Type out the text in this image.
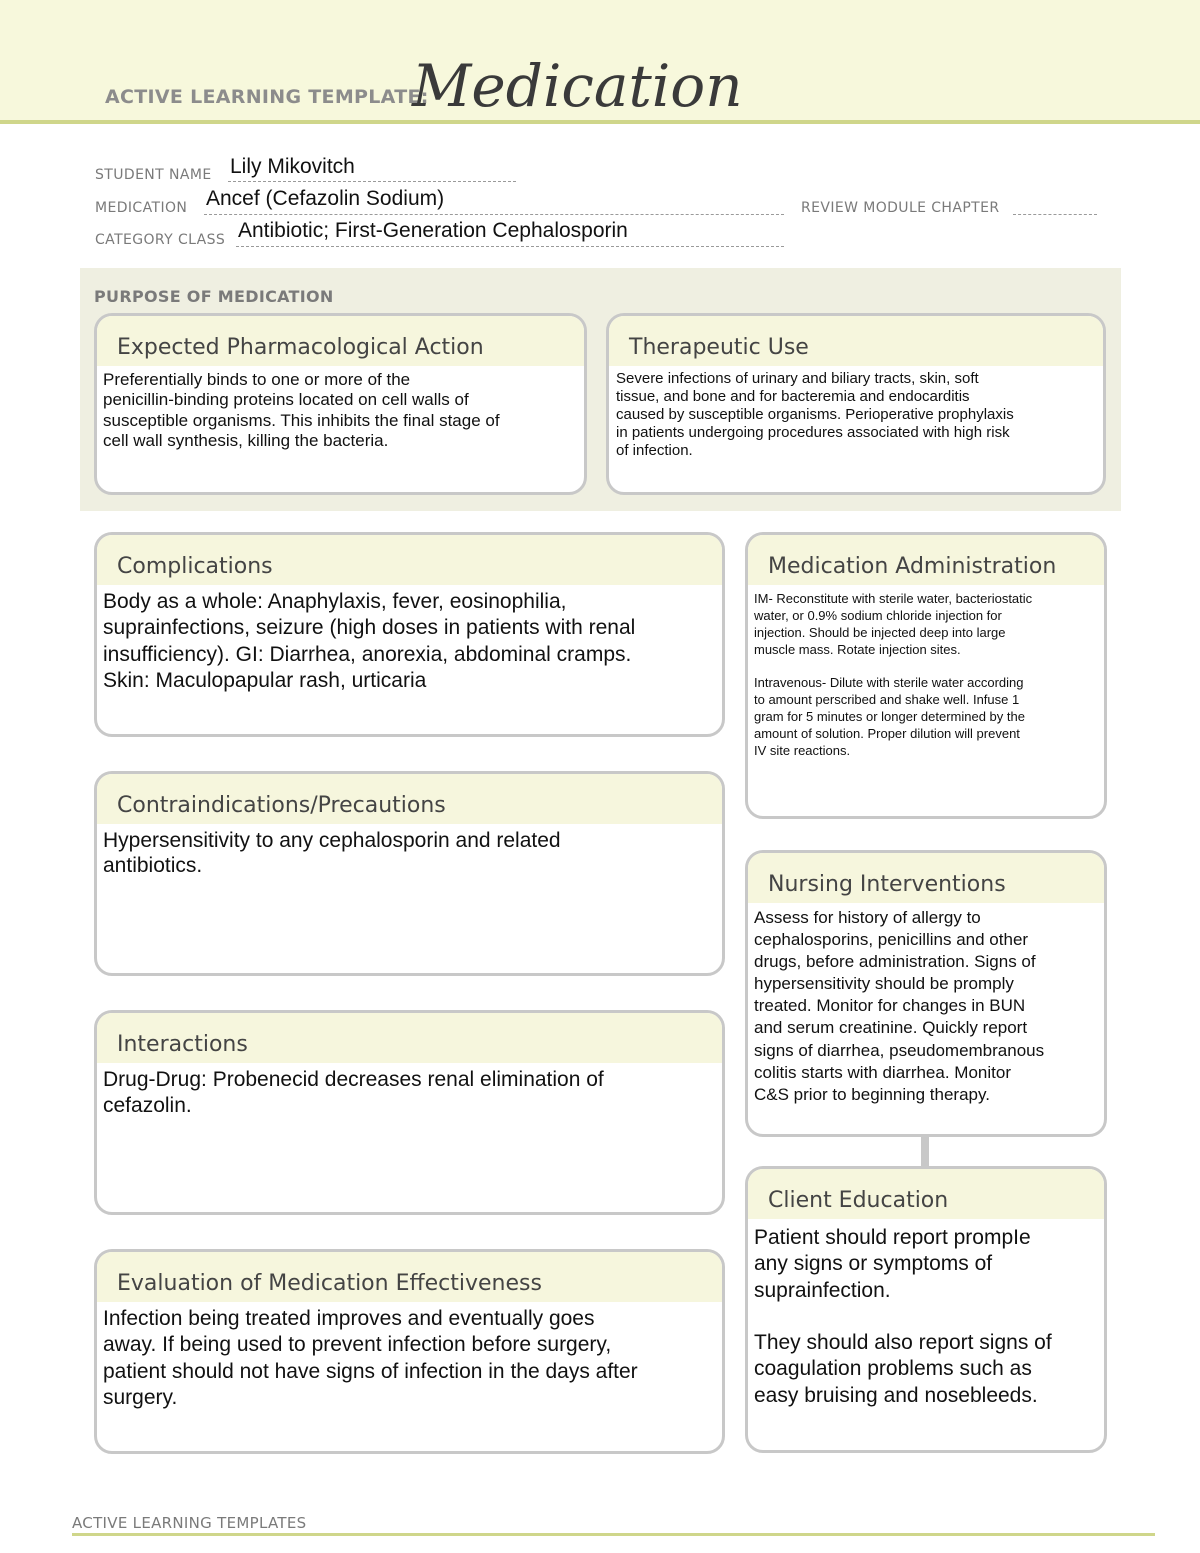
ACTIVE LEARNING TEMPLATE:
Medication
STUDENT NAME Lily Mikovitch
MEDICATION Ancef (Cefazolin Sodium)	REVIEW MODULE CHAPTER
CATEGORY CLASS Antibiotic; First-Generation Cephalosporin
PURPOSE OF MEDICATION
Expected Pharmacological Action
Preferentially binds to one or more of the
penicillin-binding proteins located on cell walls of
susceptible organisms. This inhibits the final stage of
cell wall synthesis, killing the bacteria.
Therapeutic Use
Severe infections of urinary and biliary tracts, skin, soft
tissue, and bone and for bacteremia and endocarditis
caused by susceptible organisms. Perioperative prophylaxis
in patients undergoing procedures associated with high risk
of infection.
Complications
Body as a whole: Anaphylaxis, fever, eosinophilia,
suprainfections, seizure (high doses in patients with renal
insufficiency). GI: Diarrhea, anorexia, abdominal cramps.
Skin: Maculopapular rash, urticaria
Contraindications/Precautions
Hypersensitivity to any cephalosporin and related
antibiotics.
Interactions
Drug-Drug: Probenecid decreases renal elimination of
cefazolin.
Evaluation of Medication Effectiveness
Infection being treated improves and eventually goes
away. If being used to prevent infection before surgery,
patient should not have signs of infection in the days after
surgery.
Medication Administration
IM- Reconstitute with sterile water, bacteriostatic
water, or 0.9% sodium chloride injection for
injection. Should be injected deep into large
muscle mass. Rotate injection sites.

Intravenous- Dilute with sterile water according
to amount perscribed and shake well. Infuse 1
gram for 5 minutes or longer determined by the
amount of solution. Proper dilution will prevent
IV site reactions.
Nursing Interventions
Assess for history of allergy to
cephalosporins, penicillins and other
drugs, before administration. Signs of
hypersensitivity should be promply
treated. Monitor for changes in BUN
and serum creatinine. Quickly report
signs of diarrhea, pseudomembranous
colitis starts with diarrhea. Monitor
C&S prior to beginning therapy.
Client Education
Patient should report prompIe
any signs or symptoms of
suprainfection.

They should also report signs of
coagulation problems such as
easy bruising and nosebleeds.
ACTIVE LEARNING TEMPLATES
